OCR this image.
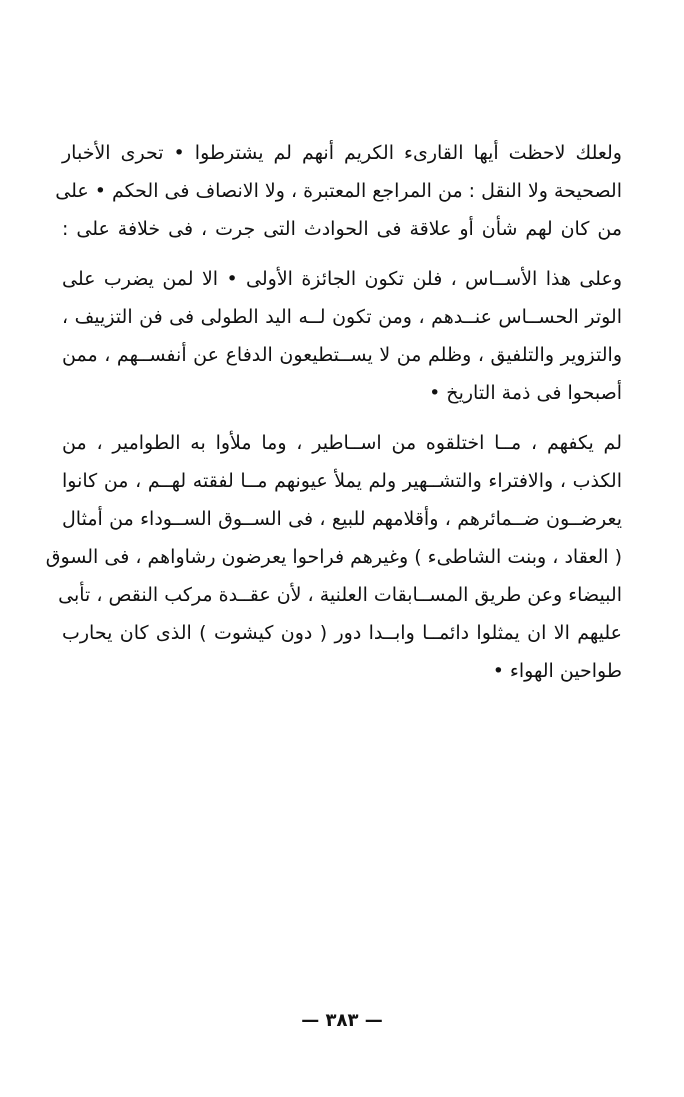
ولعلك لاحظت أيها القارىء الكريم أنهم لم يشترطوا • تحرى الأخبار
الصحيحة ولا النقل : من المراجع المعتبرة ، ولا الانصاف فى الحكم • على
من كان لهم شأن أو علاقة فى الحوادث التى جرت ، فى خلافة على :
وعلى هذا الأســاس ، فلن تكون الجائزة الأولى • الا لمن يضرب على
الوتر الحســاس عنــدهم ، ومن تكون لــه اليد الطولى فى فن التزييف ،
والتزوير والتلفيق ، وظلم من لا يســتطيعون الدفاع عن أنفســهم ، ممن
أصبحوا فى ذمة التاريخ •
لم يكفهم ، مــا اختلقوه من اســاطير ، وما ملأوا به الطوامير ، من
الكذب ، والافتراء والتشــهير ولم يملأ عيونهم مــا لفقته لهــم ، من كانوا
يعرضــون ضــمائرهم ، وأقلامهم للبيع ، فى الســوق الســوداء من أمثال
( العقاد ، وبنت الشاطىء ) وغيرهم فراحوا يعرضون رشاواهم ، فى السوق
البيضاء وعن طريق المســابقات العلنية ، لأن عقــدة مركب النقص ، تأبى
عليهم الا ان يمثلوا دائمــا وابــدا دور ( دون كيشوت ) الذى كان يحارب
طواحين الهواء •
— ٣٨٣ —
